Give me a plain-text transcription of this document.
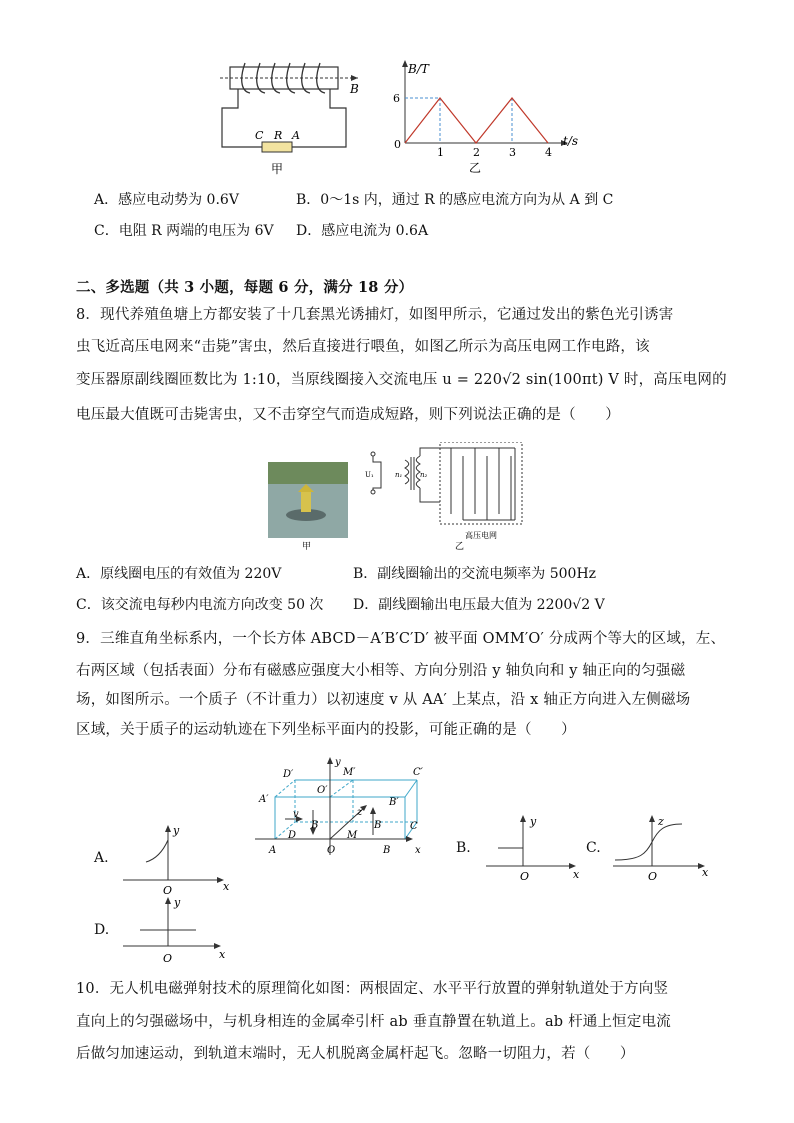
B
C R A
甲
B/T
t/s
6
0
1	2	3	4
乙
A．感应电动势为 0.6V	B．0～1s 内，通过 R 的感应电流方向为从 A 到 C
C．电阻 R 两端的电压为 6V D．感应电流为 0.6A
二、多选题（共 3 小题，每题 6 分，满分 18 分）
8．现代养殖鱼塘上方都安装了十几套黑光诱捕灯，如图甲所示，它通过发出的紫色光引诱害
虫飞近高压电网来“击毙”害虫，然后直接进行喂鱼，如图乙所示为高压电网工作电路，该
变压器原副线圈匝数比为 1:10，当原线圈接入交流电压 u = 220√2 sin(100πt) V 时，高压电网的
电压最大值既可击毙害虫，又不击穿空气而造成短路，则下列说法正确的是（　　）
甲
U₁	n₁	n₂
高压电网
乙
A．原线圈电压的有效值为 220V	B．副线圈输出的交流电频率为 500Hz
C．该交流电每秒内电流方向改变 50 次 D．副线圈输出电压最大值为 2200√2 V
9．三维直角坐标系内，一个长方体 ABCD－A′B′C′D′ 被平面 OMM′O′ 分成两个等大的区域，左、
右两区域（包括表面）分布有磁感应强度大小相等、方向分别沿 y 轴负向和 y 轴正向的匀强磁
场，如图所示。一个质子（不计重力）以初速度 v 从 AA′ 上某点，沿 x 轴正方向进入左侧磁场
区域，关于质子的运动轨迹在下列坐标平面内的投影，可能正确的是（　　）
D′	M′	C′
A′
O′
B′
D	M
C
A	O	B
y
z
x
v
B	B
A.
y
x
O
B.
y
x
O
C.
z
x
O
D.
y
x
O
10．无人机电磁弹射技术的原理简化如图：两根固定、水平平行放置的弹射轨道处于方向竖
直向上的匀强磁场中，与机身相连的金属牵引杆 ab 垂直静置在轨道上。ab 杆通上恒定电流
后做匀加速运动，到轨道末端时，无人机脱离金属杆起飞。忽略一切阻力，若（　　）
